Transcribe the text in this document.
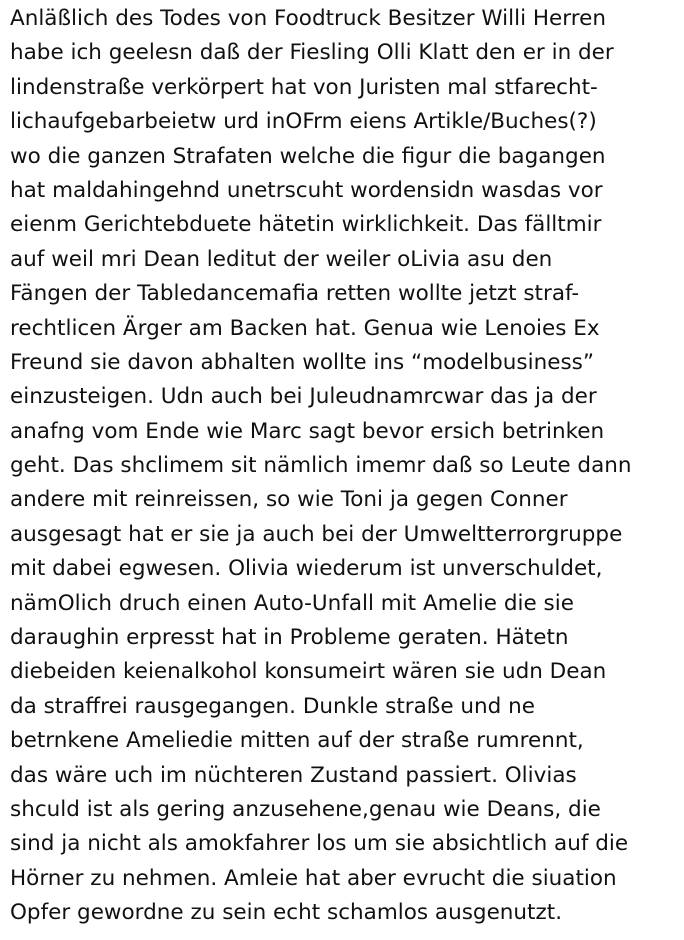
Anläßlich des Todes von Foodtruck Besitzer Willi Herren
habe ich geelesn daß der Fiesling Olli Klatt den er in der
lindenstraße verkörpert hat von Juristen mal stfarecht-
lichaufgebarbeietw urd inOFrm eiens Artikle/Buches(?)
wo die ganzen Strafaten welche die figur die bagangen
hat maldahingehnd unetrscuht wordensidn wasdas vor
eienm Gerichtebduete hätetin wirklichkeit. Das fälltmir
auf weil mri Dean leditut der weiler oLivia asu den
Fängen der Tabledancemafia retten wollte jetzt straf-
rechtlicen Ärger am Backen hat. Genua wie Lenoies Ex
Freund sie davon abhalten wollte ins “modelbusiness”
einzusteigen. Udn auch bei Juleudnamrcwar das ja der
anafng vom Ende wie Marc sagt bevor ersich betrinken
geht. Das shclimem sit nämlich imemr daß so Leute dann
andere mit reinreissen, so wie Toni ja gegen Conner
ausgesagt hat er sie ja auch bei der Umweltterrorgruppe
mit dabei egwesen. Olivia wiederum ist unverschuldet,
nämOlich druch einen Auto-Unfall mit Amelie die sie
daraughin erpresst hat in Probleme geraten. Hätetn
diebeiden keienalkohol konsumeirt wären sie udn Dean
da straffrei rausgegangen. Dunkle straße und ne
betrnkene Ameliedie mitten auf der straße rumrennt,
das wäre uch im nüchteren Zustand passiert. Olivias
shculd ist als gering anzusehene,genau wie Deans, die
sind ja nicht als amokfahrer los um sie absichtlich auf die
Hörner zu nehmen. Amleie hat aber evrucht die siuation
Opfer gewordne zu sein echt schamlos ausgenutzt.
